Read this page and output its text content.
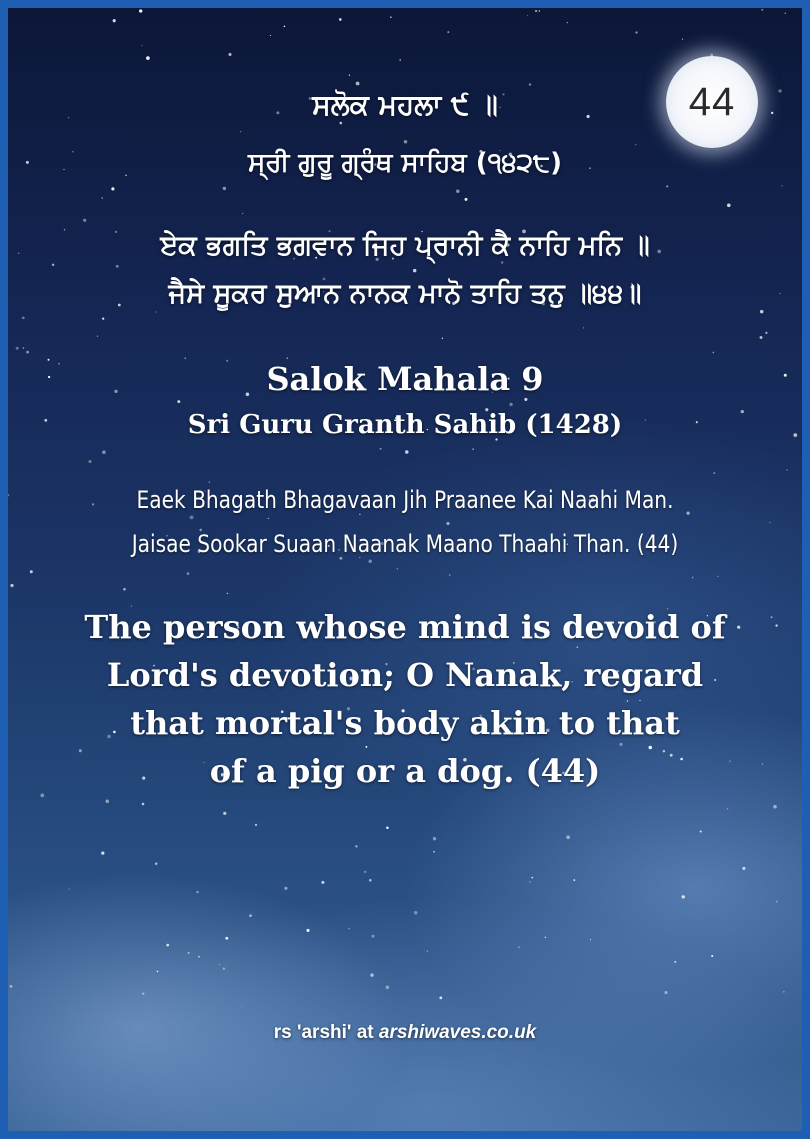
44
ਸਲੋਕ ਮਹਲਾ ੯ ॥
ਸ੍ਰੀ ਗੁਰੂ ਗ੍ਰੰਥ ਸਾਹਿਬ (੧੪੨੮)
ਏਕ ਭਗਤਿ ਭਗਵਾਨ ਜਿਹ ਪ੍ਰਾਨੀ ਕੈ ਨਾਹਿ ਮਨਿ ॥
ਜੈਸੇ ਸੂਕਰ ਸੁਆਨ ਨਾਨਕ ਮਾਨੋ ਤਾਹਿ ਤਨੁ ॥੪੪॥
Salok Mahala 9
Sri Guru Granth Sahib (1428)
Eaek Bhagath Bhagavaan Jih Praanee Kai Naahi Man.
Jaisae Sookar Suaan Naanak Maano Thaahi Than. (44)
The person whose mind is devoid of
Lord's devotion; O Nanak, regard
that mortal's body akin to that
of a pig or a dog. (44)
rs 'arshi' at arshiwaves.co.uk
